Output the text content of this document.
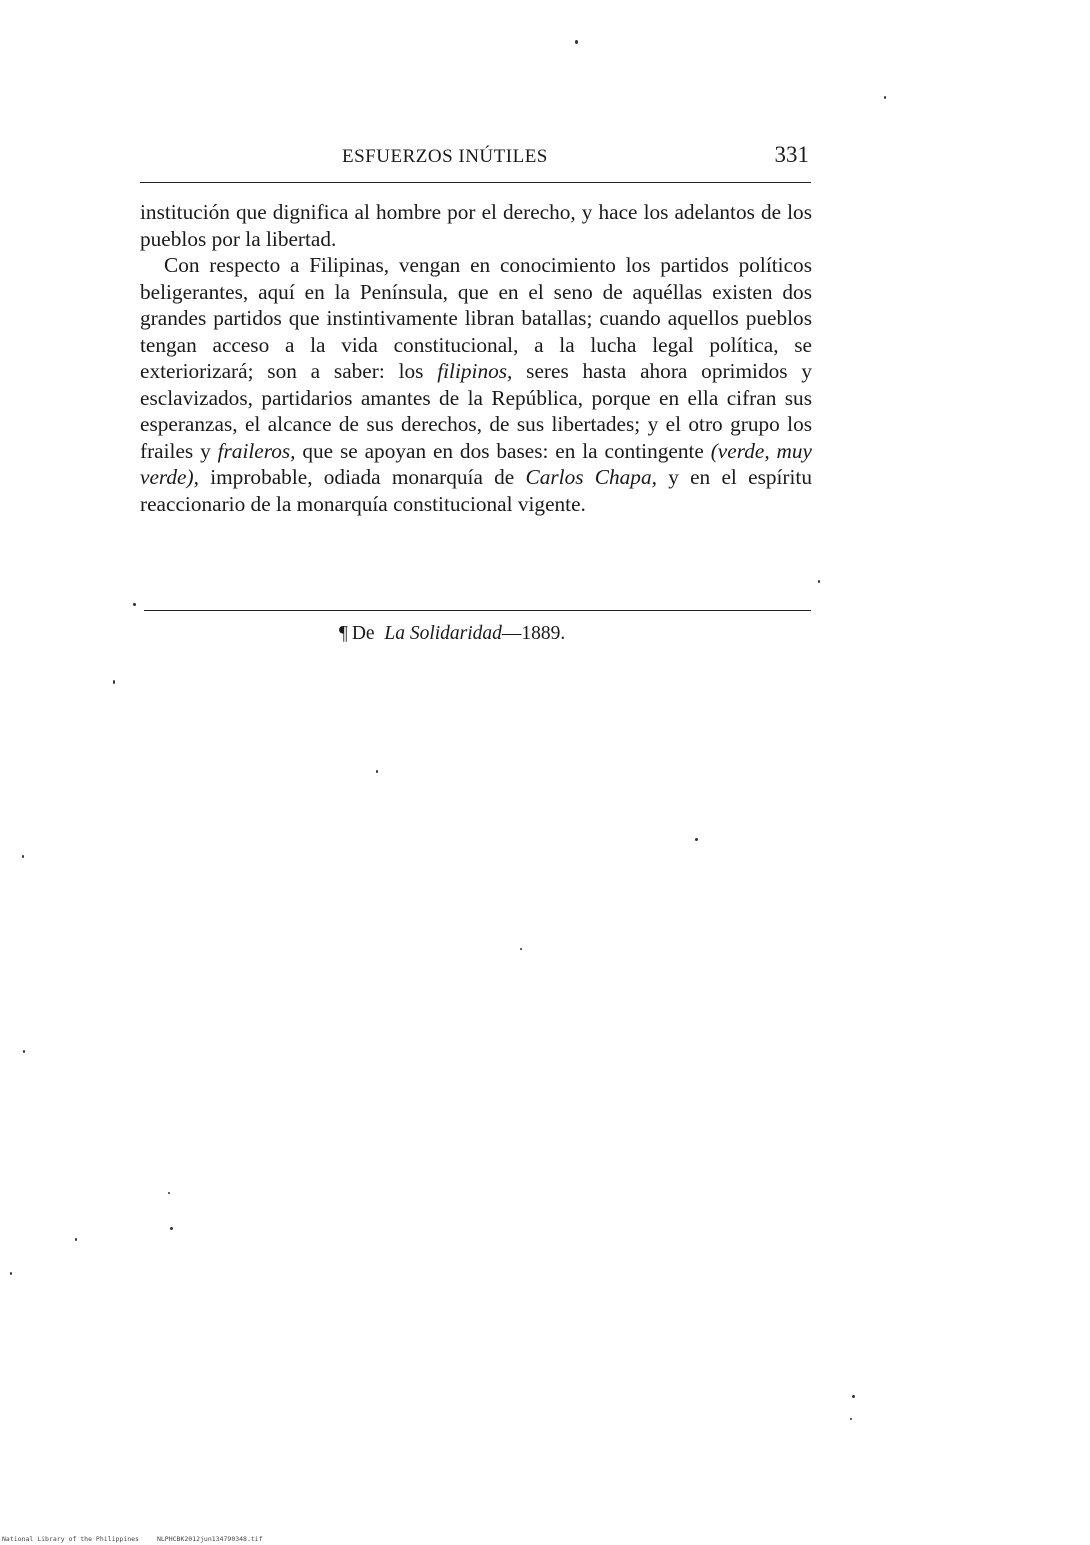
ESFUERZOS INÚTILES	331

institución que dignifica al hombre por el derecho, y hace los adelantos de los pueblos por la libertad.

Con respecto a Filipinas, vengan en conocimiento los partidos políticos beligerantes, aquí en la Península, que en el seno de aquéllas existen dos grandes partidos que instintivamente libran batallas; cuando aquellos pueblos tengan acceso a la vida constitucional, a la lucha legal política, se exteriorizará; son a saber: los filipinos, seres hasta ahora oprimidos y esclavizados, partidarios amantes de la República, porque en ella cifran sus esperanzas, el alcance de sus derechos, de sus libertades; y el otro grupo los frailes y fraileros, que se apoyan en dos bases: en la contingente (verde, muy verde), improbable, odiada monarquía de Carlos Chapa, y en el espíritu reaccionario de la monarquía constitucional vigente.

¶ De La Solidaridad—1889.
National Library of the Philippines	NLPHCBK2012jun134790348.tif
